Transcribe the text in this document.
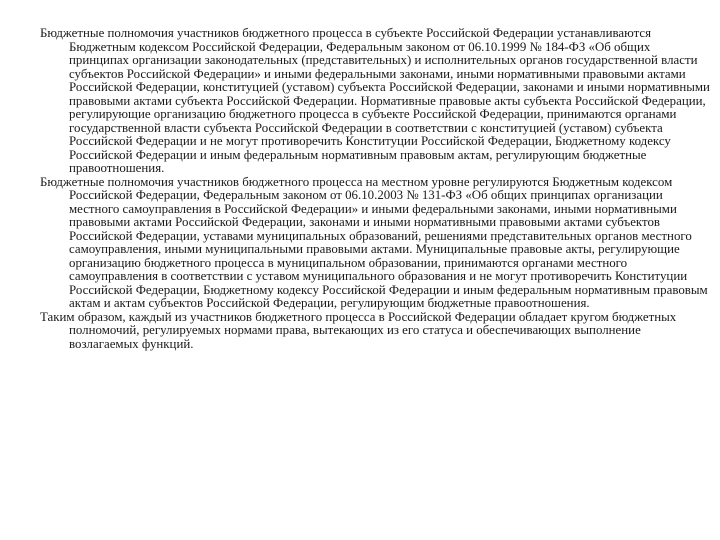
Бюджетные полномочия участников бюджетного процесса в субъекте Российской Федерации устанавливаются Бюджетным кодексом Российской Федерации, Федеральным законом от 06.10.1999 № 184-ФЗ «Об общих принципах организации законодательных (представительных) и исполнительных органов государственной власти субъектов Российской Федерации» и иными федеральными законами, иными нормативными правовыми актами Российской Федерации, конституцией (уставом) субъекта Российской Федерации, законами и иными нормативными правовыми актами субъекта Российской Федерации. Нормативные правовые акты субъекта Российской Федерации, регулирующие организацию бюджетного процесса в субъекте Российской Федерации, принимаются органами государственной власти субъекта Российской Федерации в соответствии с конституцией (уставом) субъекта Российской Федерации и не могут противоречить Конституции Российской Федерации, Бюджетному кодексу Российской Федерации и иным федеральным нормативным правовым актам, регулирующим бюджетные правоотношения.

Бюджетные полномочия участников бюджетного процесса на местном уровне регулируются Бюджетным кодексом Российской Федерации, Федеральным законом от 06.10.2003 № 131-ФЗ «Об общих принципах организации местного самоуправления в Российской Федерации» и иными федеральными законами, иными нормативными правовыми актами Российской Федерации, законами и иными нормативными правовыми актами субъектов Российской Федерации, уставами муниципальных образований, решениями представительных органов местного самоуправления, иными муниципальными правовыми актами. Муниципальные правовые акты, регулирующие организацию бюджетного процесса в муниципальном образовании, принимаются органами местного самоуправления в соответствии с уставом муниципального образования и не могут противоречить Конституции Российской Федерации, Бюджетному кодексу Российской Федерации и иным федеральным нормативным правовым актам и актам субъектов Российской Федерации, регулирующим бюджетные правоотношения.

Таким образом, каждый из участников бюджетного процесса в Российской Федерации обладает кругом бюджетных полномочий, регулируемых нормами права, вытекающих из его статуса и обеспечивающих выполнение возлагаемых функций.
